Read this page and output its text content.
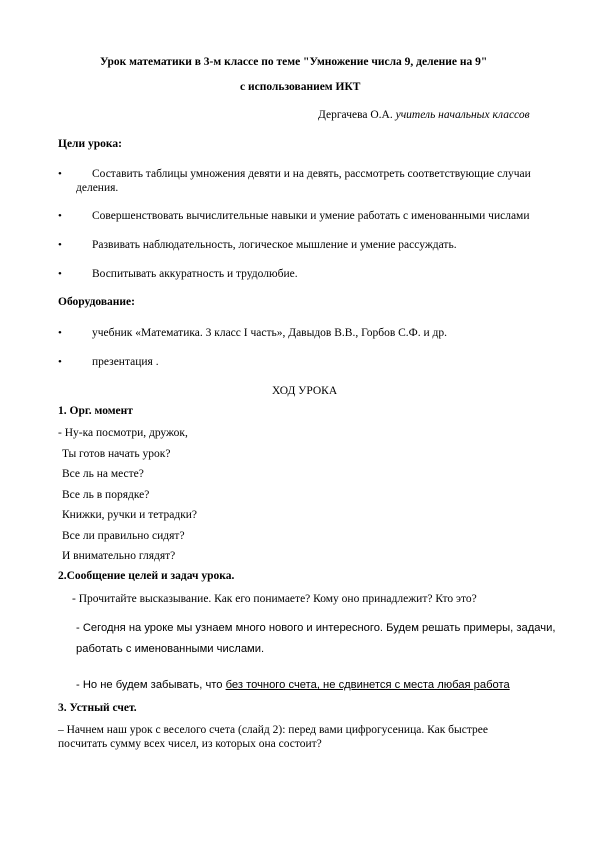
Урок математики в 3-м классе по теме "Умножение числа 9, деление на 9"
с использованием ИКТ
Дергачева О.А. учитель начальных классов
Цели урока:
•	Составить таблицы умножения девяти и на девять, рассмотреть соответствующие случаи
деления.
•	Совершенствовать вычислительные навыки и умение работать с именованными числами
•	Развивать наблюдательность, логическое мышление и умение рассуждать.
•	Воспитывать аккуратность и трудолюбие.
Оборудование:
•	учебник «Математика. 3 класс I часть», Давыдов В.В., Горбов С.Ф. и др.
•	презентация .
ХОД УРОКА
1. Орг. момент
- Ну-ка посмотри, дружок,
Ты готов начать урок?
Все ль на месте?
Все ль в порядке?
Книжки, ручки и тетрадки?
Все ли правильно сидят?
И внимательно глядят?
2.Сообщение целей и задач урока.
- Прочитайте высказывание. Как его понимаете? Кому оно принадлежит? Кто это?
- Сегодня на уроке мы узнаем много нового и интересного. Будем решать примеры, задачи,
работать с именованными числами.
- Но не будем забывать, что без точного счета, не сдвинется с места любая работа
3. Устный счет.
– Начнем наш урок с веселого счета (слайд 2): перед вами цифрогусеница. Как быстрее
посчитать сумму всех чисел, из которых она состоит?
